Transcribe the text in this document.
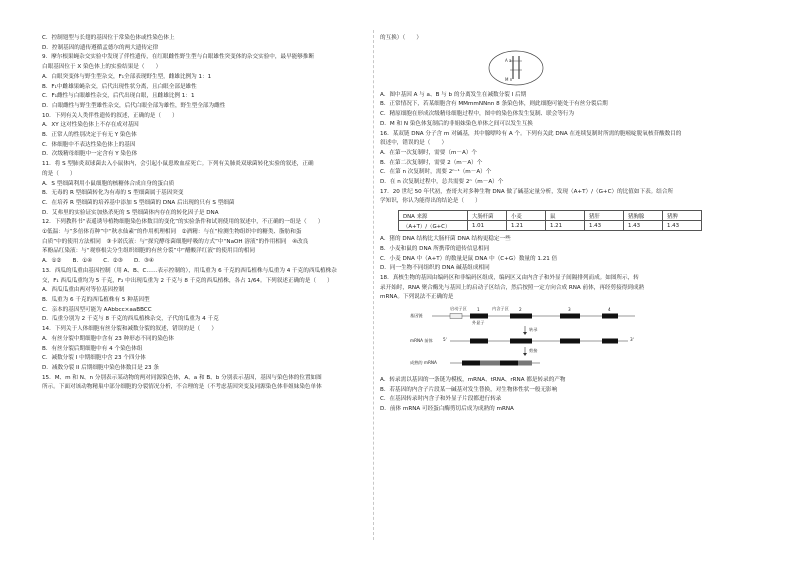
C．控制翅型与长翅的基因位于常染色体或性染色体上
D．控制基因的遗传遵循孟德尔的两大遗传定律
9．摩尔根果蝇杂交实验中发现了伴性遗传，在红眼雌性野生型与白眼雄性突变体的杂交实验中，最早能够推断
白眼基因位于 X 染色体上的实验结果是（　　）
A．白眼突变体与野生型杂交，F₁全部表现野生型，雌雄比例为 1：1
B．F₁中雌雄果蝇杂交，后代出现性状分离，且白眼全部是雄性
C．F₁雌性与白眼雄性杂交，后代出现白眼，且雌雄比例 1：1
D．白眼雌性与野生型雄性杂交，后代白眼全部为雄性，野生型全部为雌性
10．下列有关人类伴性遗传的叙述，正确的是（　　）
A．XY 这对性染色体上不存在成对基因
B．正常人的性别决定于有无 Y 染色体
C．体细胞中不表达性染色体上的基因
D．次级精母细胞中一定含有 Y 染色体
11．将 S 型肺炎双球菌去入小鼠体内，会引起小鼠患败血症死亡。下列有关肺炎双球菌转化实验的叙述，正确
的是（　　）
A．S 型细菌利用小鼠细胞的核糖体合成自身的蛋白质
B．无毒的 R 型细菌转化为有毒的 S 型细菌属于基因突变
C．在培养 R 型细菌的培养基中添加 S 型细菌的 DNA 后出现的只有 S 型细菌
D．艾弗里的实验证实加热杀死的 S 型细菌体内存在的转化因子是 DNA
12．下列教科书“表遥诱导植物细胞染色体数目的变化”的实验条件和试剂使用的叙述中，不正确的一组是（　　）
①低温：与“多倍体育种”中“秋水仙素”的作用机理相同　②酒精：与在“检测生物组织中的糖类、脂肪和蛋
白质”中的使用方法相同　③卡诺氏液：与“探究酵母菌细胞呼吸的方式”中“NaOH 溶液”的作用相同　④改良
苯酚品红染液：与“观察根尖分生组织细胞的有丝分裂”中“醋酸洋红液”的使用目的相同
A．①②　　B．①④　　C．②③　　D．③④
13．西瓜的瓜重由基因控制（用 A、B、C……表示控制的），用瓜重为 6 千克的西瓜植株与瓜重为 4 千克的西瓜植株杂
交，F₁ 西瓜瓜重均为 5 千克，F₂ 中出现瓜重为 2 千克与 8 千克的西瓜植株，各占 1/64。下列叙述正确的是（　　）
A．西瓜瓜重由两对等位基因控制
B．瓜重为 6 千克的西瓜植株有 5 种基因型
C．亲本的基因型可能为 AAbbcc×aaBBCC
D．瓜重分别为 2 千克与 8 千克的西瓜植株杂交，子代的瓜重为 4 千克
14．下列关于人体细胞有丝分裂和减数分裂的叙述，错误的是（　　）
A．有丝分裂中期细胞中含有 23 种形态不同的染色体
B．有丝分裂后期细胞中有 4 个染色体组
C．减数分裂 I 中期细胞中含 23 个四分体
D．减数分裂 II 后期细胞中染色体数目是 23 条
15．M、m 和 N、n 分别表示某动物的两对同源染色体，A、a 和 B、b 分别表示基因，基因与染色体的位置如图
所示。下面对该动物精巢中部分细胞的分裂情况分析，不合理的是（不考虑基因突变及同源染色体非姐妹染色单体
的互换）（　　）
A a
M n
A．图中基因 A 与 a、B 与 b 的分离发生在减数分裂 I 后期
B．正常情况下，若某细胞含有 MMmmNNnn 8 条染色体，则此细胞可能处于有丝分裂后期
C．精原细胞在形成次级精母细胞过程中，图中的染色体发生复制、联会等行为
D．M 和 N 染色体复制后的非姐妹染色单体之间可以发生互换
16．某双链 DNA 分子含 m 对碱基，其中腺嘌呤有 A 个。下列有关此 DNA 在连续复制时所需的胞嘧啶脱氧核苷酸数目的
叙述中，错误的是（　　）
A．在第一次复制时，需要（m－A）个
B．在第二次复制时，需要 2（m－A）个
C．在第 n 次复制时，需要 2ⁿ⁻¹（m－A）个
D．在 n 次复制过程中，总共需要 2ⁿ（m－A）个
17．20 世纪 50 年代初，查哥夫对多种生物 DNA 做了碱基定量分析，发现（A+T）/（G+C）的比值如下表。结合所
学知识，你认为能得出的结论是（　　）
DNA 来源	大肠杆菌	小麦	鼠	猪肝	猪胸腺	猪脾
（A+T）/（G+C）	1.01	1.21	1.21	1.43	1.43	1.43
A．猪的 DNA 结构比大肠杆菌 DNA 结构更稳定一些
B．小麦和鼠的 DNA 所携带的遗传信息相同
C．小麦 DNA 中（A+T）的数量是鼠 DNA 中（C+G）数量的 1.21 倍
D．同一生物不同组织的 DNA 碱基组成相同
18．真核生物的基因由编码区和非编码区组成，编码区又由内含子和外显子间隔排列而成。如图所示，转
录开始时，RNA 聚合酶先与基因上的启动子区结合，然后按照一定方向合成 RNA 前体，再经剪接得到成熟
mRNA。下列说法不正确的是
启动子区	内含子区
基因链
mRNA 前体
成熟的 mRNA
外显子
转录
剪接
1	2	3	4
5'	3'
A．转录需以基因的一条链为模板，mRNA、tRNA、rRNA 都是转录的产物
B．若基因的内含子片段某一碱基对发生替换，对生物体性状一般无影响
C．在基因转录时内含子和外显子片段都进行转录
D．前体 mRNA 可经蛋白酶剪切后成为成熟的 mRNA
